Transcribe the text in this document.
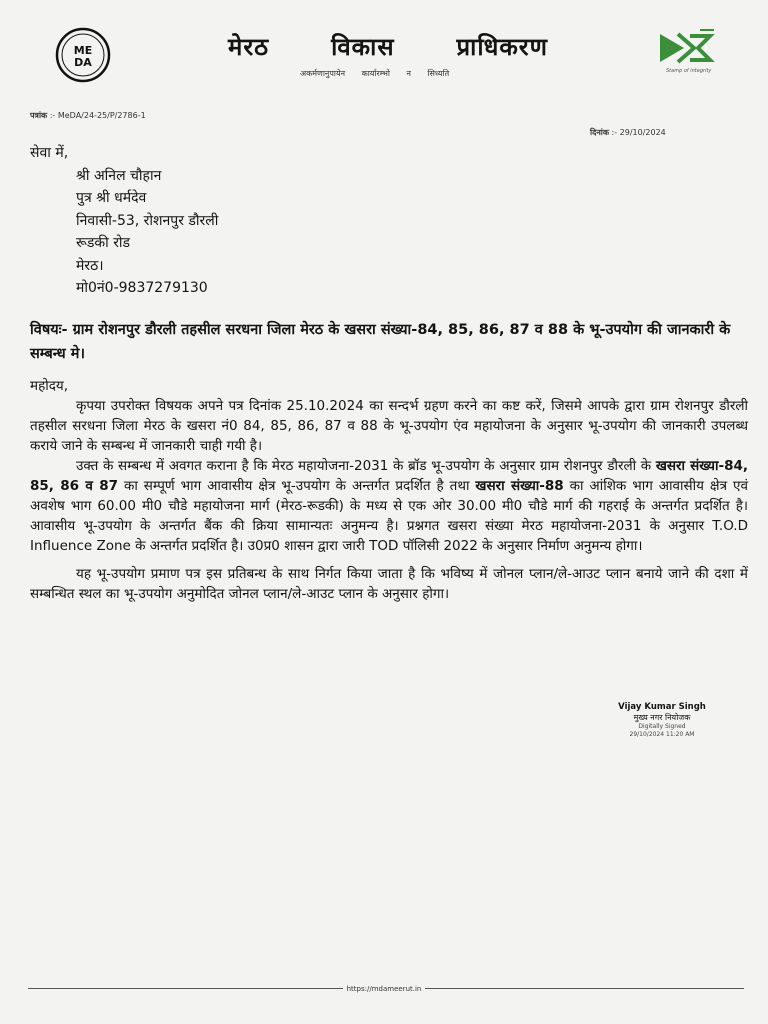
ME
DA
मेरठ	विकास	प्राधिकरण
अकर्मणानुपायेन कार्यारम्भो न सिध्यति	Stamp of integrity
पत्रांक :- MeDA/24-25/P/2786-1
दिनांक :- 29/10/2024
सेवा में,
श्री अनिल चौहान
पुत्र श्री धर्मदेव
निवासी-53, रोशनपुर डौरली
रूडकी रोड
मेरठ।
मो0नं0-9837279130
विषयः- ग्राम रोशनपुर डौरली तहसील सरधना जिला मेरठ के खसरा संख्या-84, 85, 86, 87 व 88 के भू-उपयोग की जानकारी के सम्बन्ध मे।

महोदय,

कृपया उपरोक्त विषयक अपने पत्र दिनांक 25.10.2024 का सन्दर्भ ग्रहण करने का कष्ट करें, जिसमे आपके द्वारा ग्राम रोशनपुर डौरली तहसील सरधना जिला मेरठ के खसरा नं0 84, 85, 86, 87 व 88 के भू-उपयोग एंव महायोजना के अनुसार भू-उपयोग की जानकारी उपलब्ध कराये जाने के सम्बन्ध में जानकारी चाही गयी है।

उक्त के सम्बन्ध में अवगत कराना है कि मेरठ महायोजना-2031 के ब्रॉड भू-उपयोग के अनुसार ग्राम रोशनपुर डौरली के खसरा संख्या-84, 85, 86 व 87 का सम्पूर्ण भाग आवासीय क्षेत्र भू-उपयोग के अन्तर्गत प्रदर्शित है तथा खसरा संख्या-88 का आंशिक भाग आवासीय क्षेत्र एवं अवशेष भाग 60.00 मी0 चौडे महायोजना मार्ग (मेरठ-रूडकी) के मध्य से एक ओर 30.00 मी0 चौडे मार्ग की गहराई के अन्तर्गत प्रदर्शित है। आवासीय भू-उपयोग के अन्तर्गत बैंक की क्रिया सामान्यतः अनुमन्य है। प्रश्नगत खसरा संख्या मेरठ महायोजना-2031 के अनुसार T.O.D Influence Zone के अन्तर्गत प्रदर्शित है। उ0प्र0 शासन द्वारा जारी TOD पॉलिसी 2022 के अनुसार निर्माण अनुमन्य होगा।

यह भू-उपयोग प्रमाण पत्र इस प्रतिबन्ध के साथ निर्गत किया जाता है कि भविष्य में जोनल प्लान/ले-आउट प्लान बनाये जाने की दशा में सम्बन्धित स्थल का भू-उपयोग अनुमोदित जोनल प्लान/ले-आउट प्लान के अनुसार होगा।

Vijay Kumar Singh
मुख्य नगर नियोजक
Digitally Signed
29/10/2024 11:20 AM
https://mdameerut.in
